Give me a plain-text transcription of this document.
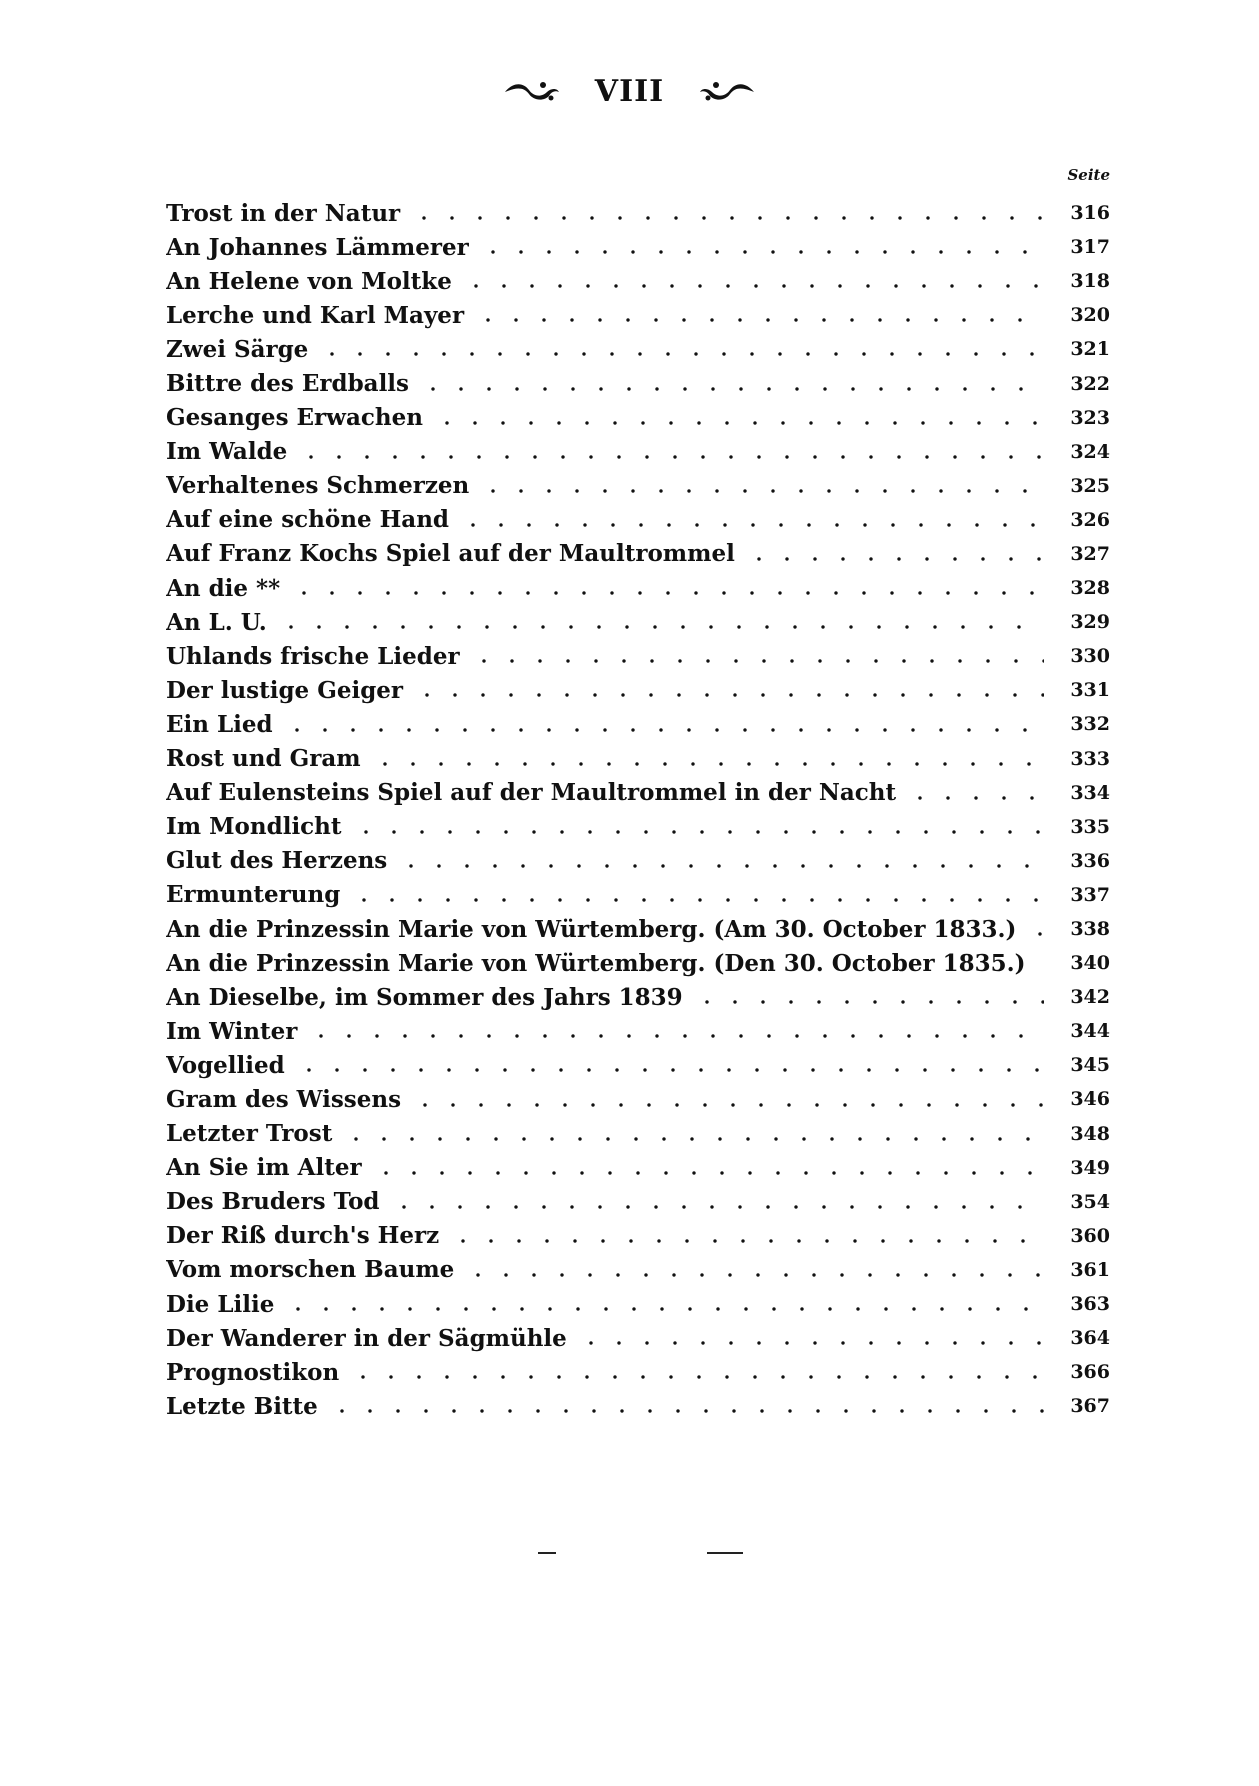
VIII
Seite
Trost in der Natur	316
An Johannes Lämmerer	317
An Helene von Moltke	318
Lerche und Karl Mayer	320
Zwei Särge	321
Bittre des Erdballs	322
Gesanges Erwachen	323
Im Walde	324
Verhaltenes Schmerzen	325
Auf eine schöne Hand	326
Auf Franz Kochs Spiel auf der Maultrommel	327
An die **	328
An L. U.	329
Uhlands frische Lieder	330
Der lustige Geiger	331
Ein Lied	332
Rost und Gram	333
Auf Eulensteins Spiel auf der Maultrommel in der Nacht	334
Im Mondlicht	335
Glut des Herzens	336
Ermunterung	337
An die Prinzessin Marie von Würtemberg. (Am 30. October 1833.)	338
An die Prinzessin Marie von Würtemberg. (Den 30. October 1835.)	340
An Dieselbe, im Sommer des Jahrs 1839	342
Im Winter	344
Vogellied	345
Gram des Wissens	346
Letzter Trost	348
An Sie im Alter	349
Des Bruders Tod	354
Der Riß durch's Herz	360
Vom morschen Baume	361
Die Lilie	363
Der Wanderer in der Sägmühle	364
Prognostikon	366
Letzte Bitte	367
